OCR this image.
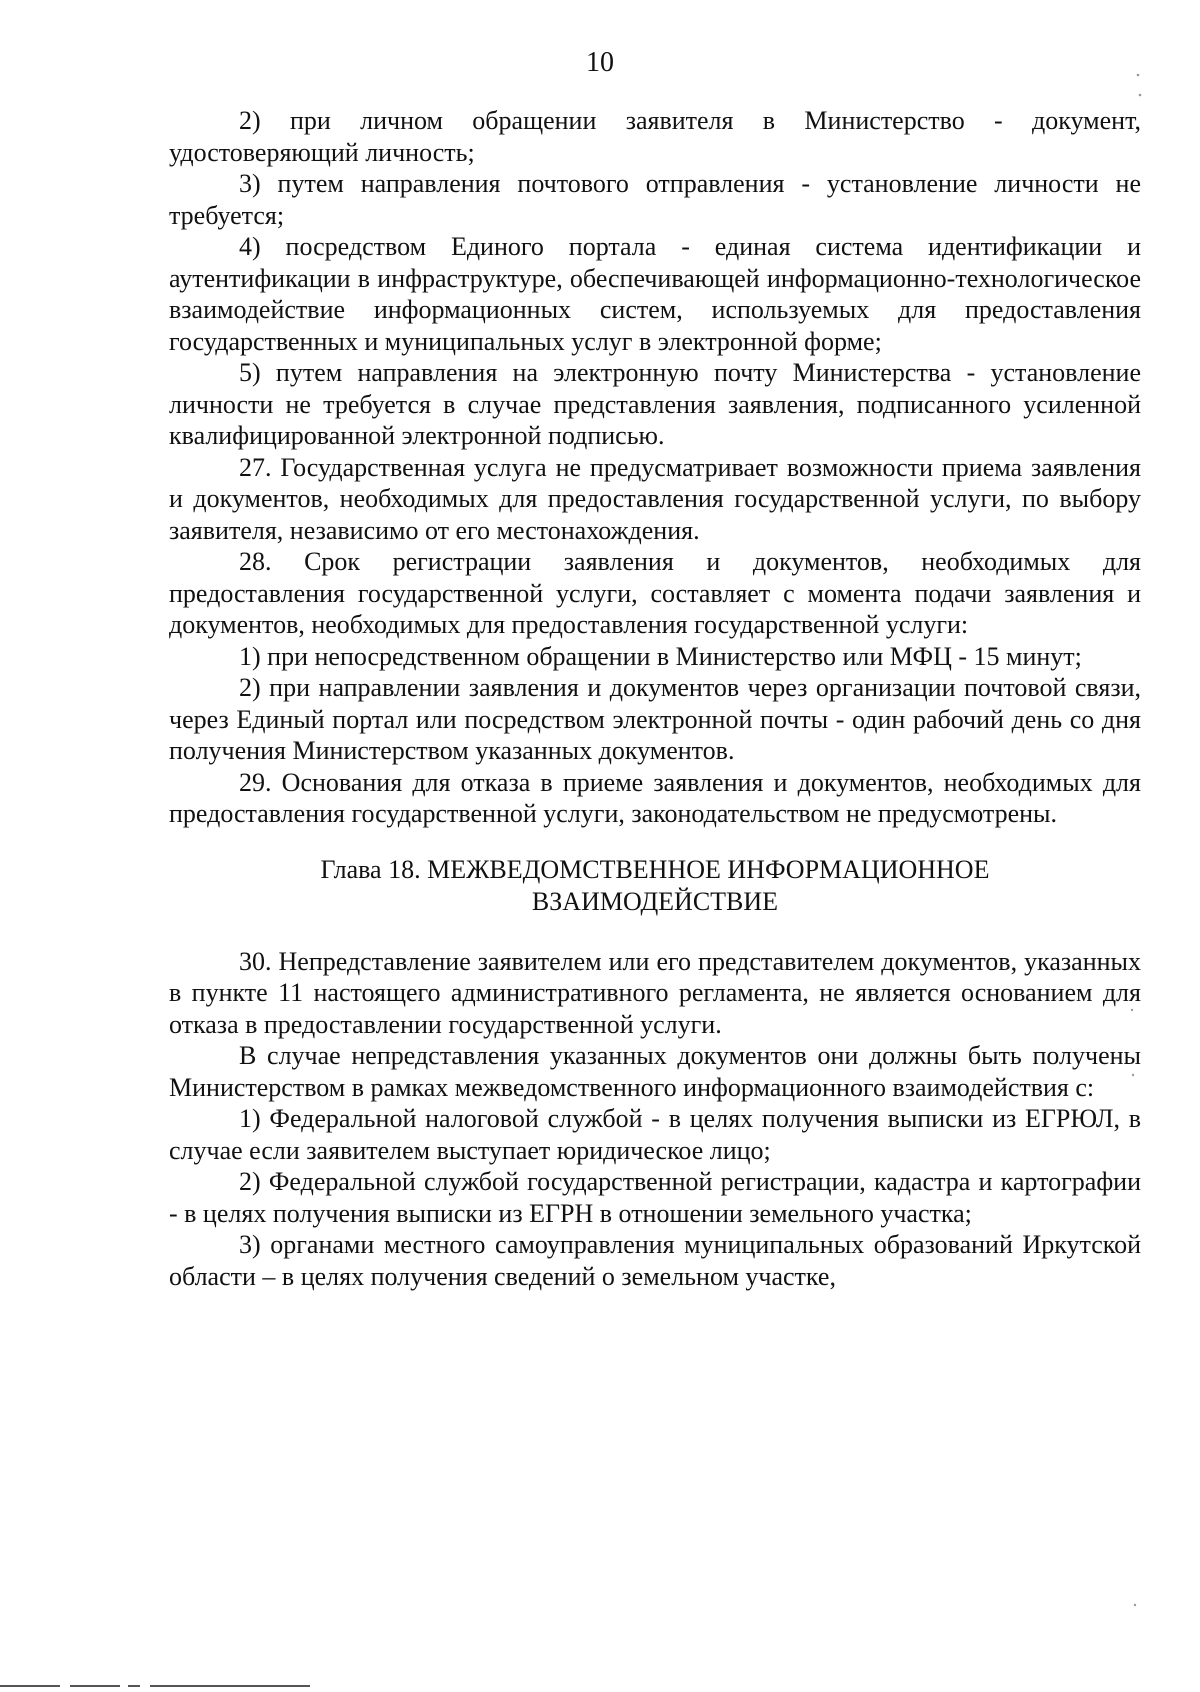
10

2) при личном обращении заявителя в Министерство - документ, удостоверяющий личность;

3) путем направления почтового отправления - установление личности не требуется;

4) посредством Единого портала - единая система идентификации и аутентификации в инфраструктуре, обеспечивающей информационно-технологическое взаимодействие информационных систем, используемых для предоставления государственных и муниципальных услуг в электронной форме;

5) путем направления на электронную почту Министерства - установление личности не требуется в случае представления заявления, подписанного усиленной квалифицированной электронной подписью.

27. Государственная услуга не предусматривает возможности приема заявления и документов, необходимых для предоставления государственной услуги, по выбору заявителя, независимо от его местонахождения.

28. Срок регистрации заявления и документов, необходимых для предоставления государственной услуги, составляет с момента подачи заявления и документов, необходимых для предоставления государственной услуги:

1) при непосредственном обращении в Министерство или МФЦ - 15 минут;

2) при направлении заявления и документов через организации почтовой связи, через Единый портал или посредством электронной почты - один рабочий день со дня получения Министерством указанных документов.

29. Основания для отказа в приеме заявления и документов, необходимых для предоставления государственной услуги, законодательством не предусмотрены.

Глава 18. МЕЖВЕДОМСТВЕННОЕ ИНФОРМАЦИОННОЕ
ВЗАИМОДЕЙСТВИЕ

30. Непредставление заявителем или его представителем документов, указанных в пункте 11 настоящего административного регламента, не является основанием для отказа в предоставлении государственной услуги.

В случае непредставления указанных документов они должны быть получены Министерством в рамках межведомственного информационного взаимодействия с:

1) Федеральной налоговой службой - в целях получения выписки из ЕГРЮЛ, в случае если заявителем выступает юридическое лицо;

2) Федеральной службой государственной регистрации, кадастра и картографии - в целях получения выписки из ЕГРН в отношении земельного участка;

3) органами местного самоуправления муниципальных образований Иркутской области – в целях получения сведений о земельном участке,
